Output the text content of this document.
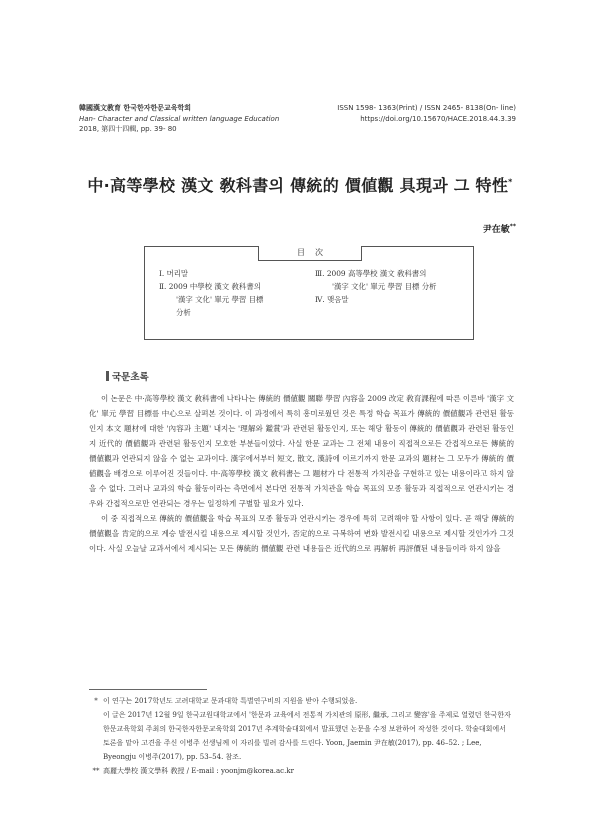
韓國漢文教育 한국한자한문교육학회
Han- Character and Classical written language Education
2018, 第四十四輯, pp. 39- 80
ISSN 1598- 1363(Print) / ISSN 2465- 8138(On- line)
https://doi.org/10.15670/HACE.2018.44.3.39
中·高等學校 漢文 敎科書의 傳統的 價値觀 具現과 그 特性*
尹在敏**
目次
Ⅰ. 머리말
Ⅱ. 2009 中學校 漢文 敎科書의
'漢字 文化' 單元 學習 目標
分析
Ⅲ. 2009 高等學校 漢文 敎科書의
'漢字 文化' 單元 學習 目標 分析
Ⅳ. 맺음말
국문초록

이 논문은 中·高等學校 漢文 敎科書에 나타나는 傳統的 價値觀 關聯 學習 內容을 2009 改定 敎育課程에 따른 이른바 '漢字 文化' 單元 學習 目標를 中心으로 살펴본 것이다. 이 과정에서 특히 흥미로웠던 것은 특정 학습 목표가 傳統的 價値觀과 관련된 활동인지 本文 題材에 대한 '內容과 主題' 내지는 '理解와 鑑賞'과 관련된 활동인지, 또는 해당 활동이 傳統的 價値觀과 관련된 활동인지 近代的 價値觀과 관련된 활동인지 모호한 부분들이었다. 사실 한문 교과는 그 전체 내용이 직접적으로든 간접적으로든 傳統的 價値觀과 연관되지 않을 수 없는 교과이다. 漢字에서부터 短文, 散文, 漢詩에 이르기까지 한문 교과의 題材는 그 모두가 傳統的 價値觀을 배경으로 이루어진 것들이다. 中·高等學校 漢文 敎科書는 그 題材가 다 전통적 가치관을 구현하고 있는 내용이라고 하지 않을 수 없다. 그러나 교과의 학습 활동이라는 측면에서 본다면 전통적 가치관을 학습 목표의 모종 활동과 직접적으로 연관시키는 경우와 간접적으로만 연관되는 경우는 일정하게 구별할 필요가 있다.

이 중 직접적으로 傳統的 價値觀을 학습 목표의 모종 활동과 연관시키는 경우에 특히 고려해야 할 사항이 있다. 곧 해당 傳統的 價値觀을 肯定的으로 계승 발전시킬 내용으로 제시할 것인가, 否定的으로 극복하여 변화 발전시킬 내용으로 제시할 것인가가 그것이다. 사실 오늘날 교과서에서 제시되는 모든 傳統的 價値觀 관련 내용들은 近代的으로 再解析 再評價된 내용들이라 하지 않을

* 이 연구는 2017학년도 고려대학교 문과대학 특별연구비의 지원을 받아 수행되었음.
이 글은 2017년 12월 9일 한국교원대학교에서 '한문과 교육에서 전통적 가치관의 原形, 繼承, 그리고 變容'을 주제로 열렸던 한국한자한문교육학회 주최의 한국한자한문교육학회 2017년 추계학술대회에서 발표했던 논문을 수정 보완하여 작성한 것이다. 학술대회에서 토론을 맡아 고견을 주신 이병주 선생님께 이 자리를 빌려 감사를 드린다. Yoon, Jaemin 尹在敏(2017), pp. 46–52. ; Lee, Byeongju 이병주(2017), pp. 53–54. 참조.
** 高麗大學校 漢文學科 敎授 / E-mail : yoonjm@korea.ac.kr
